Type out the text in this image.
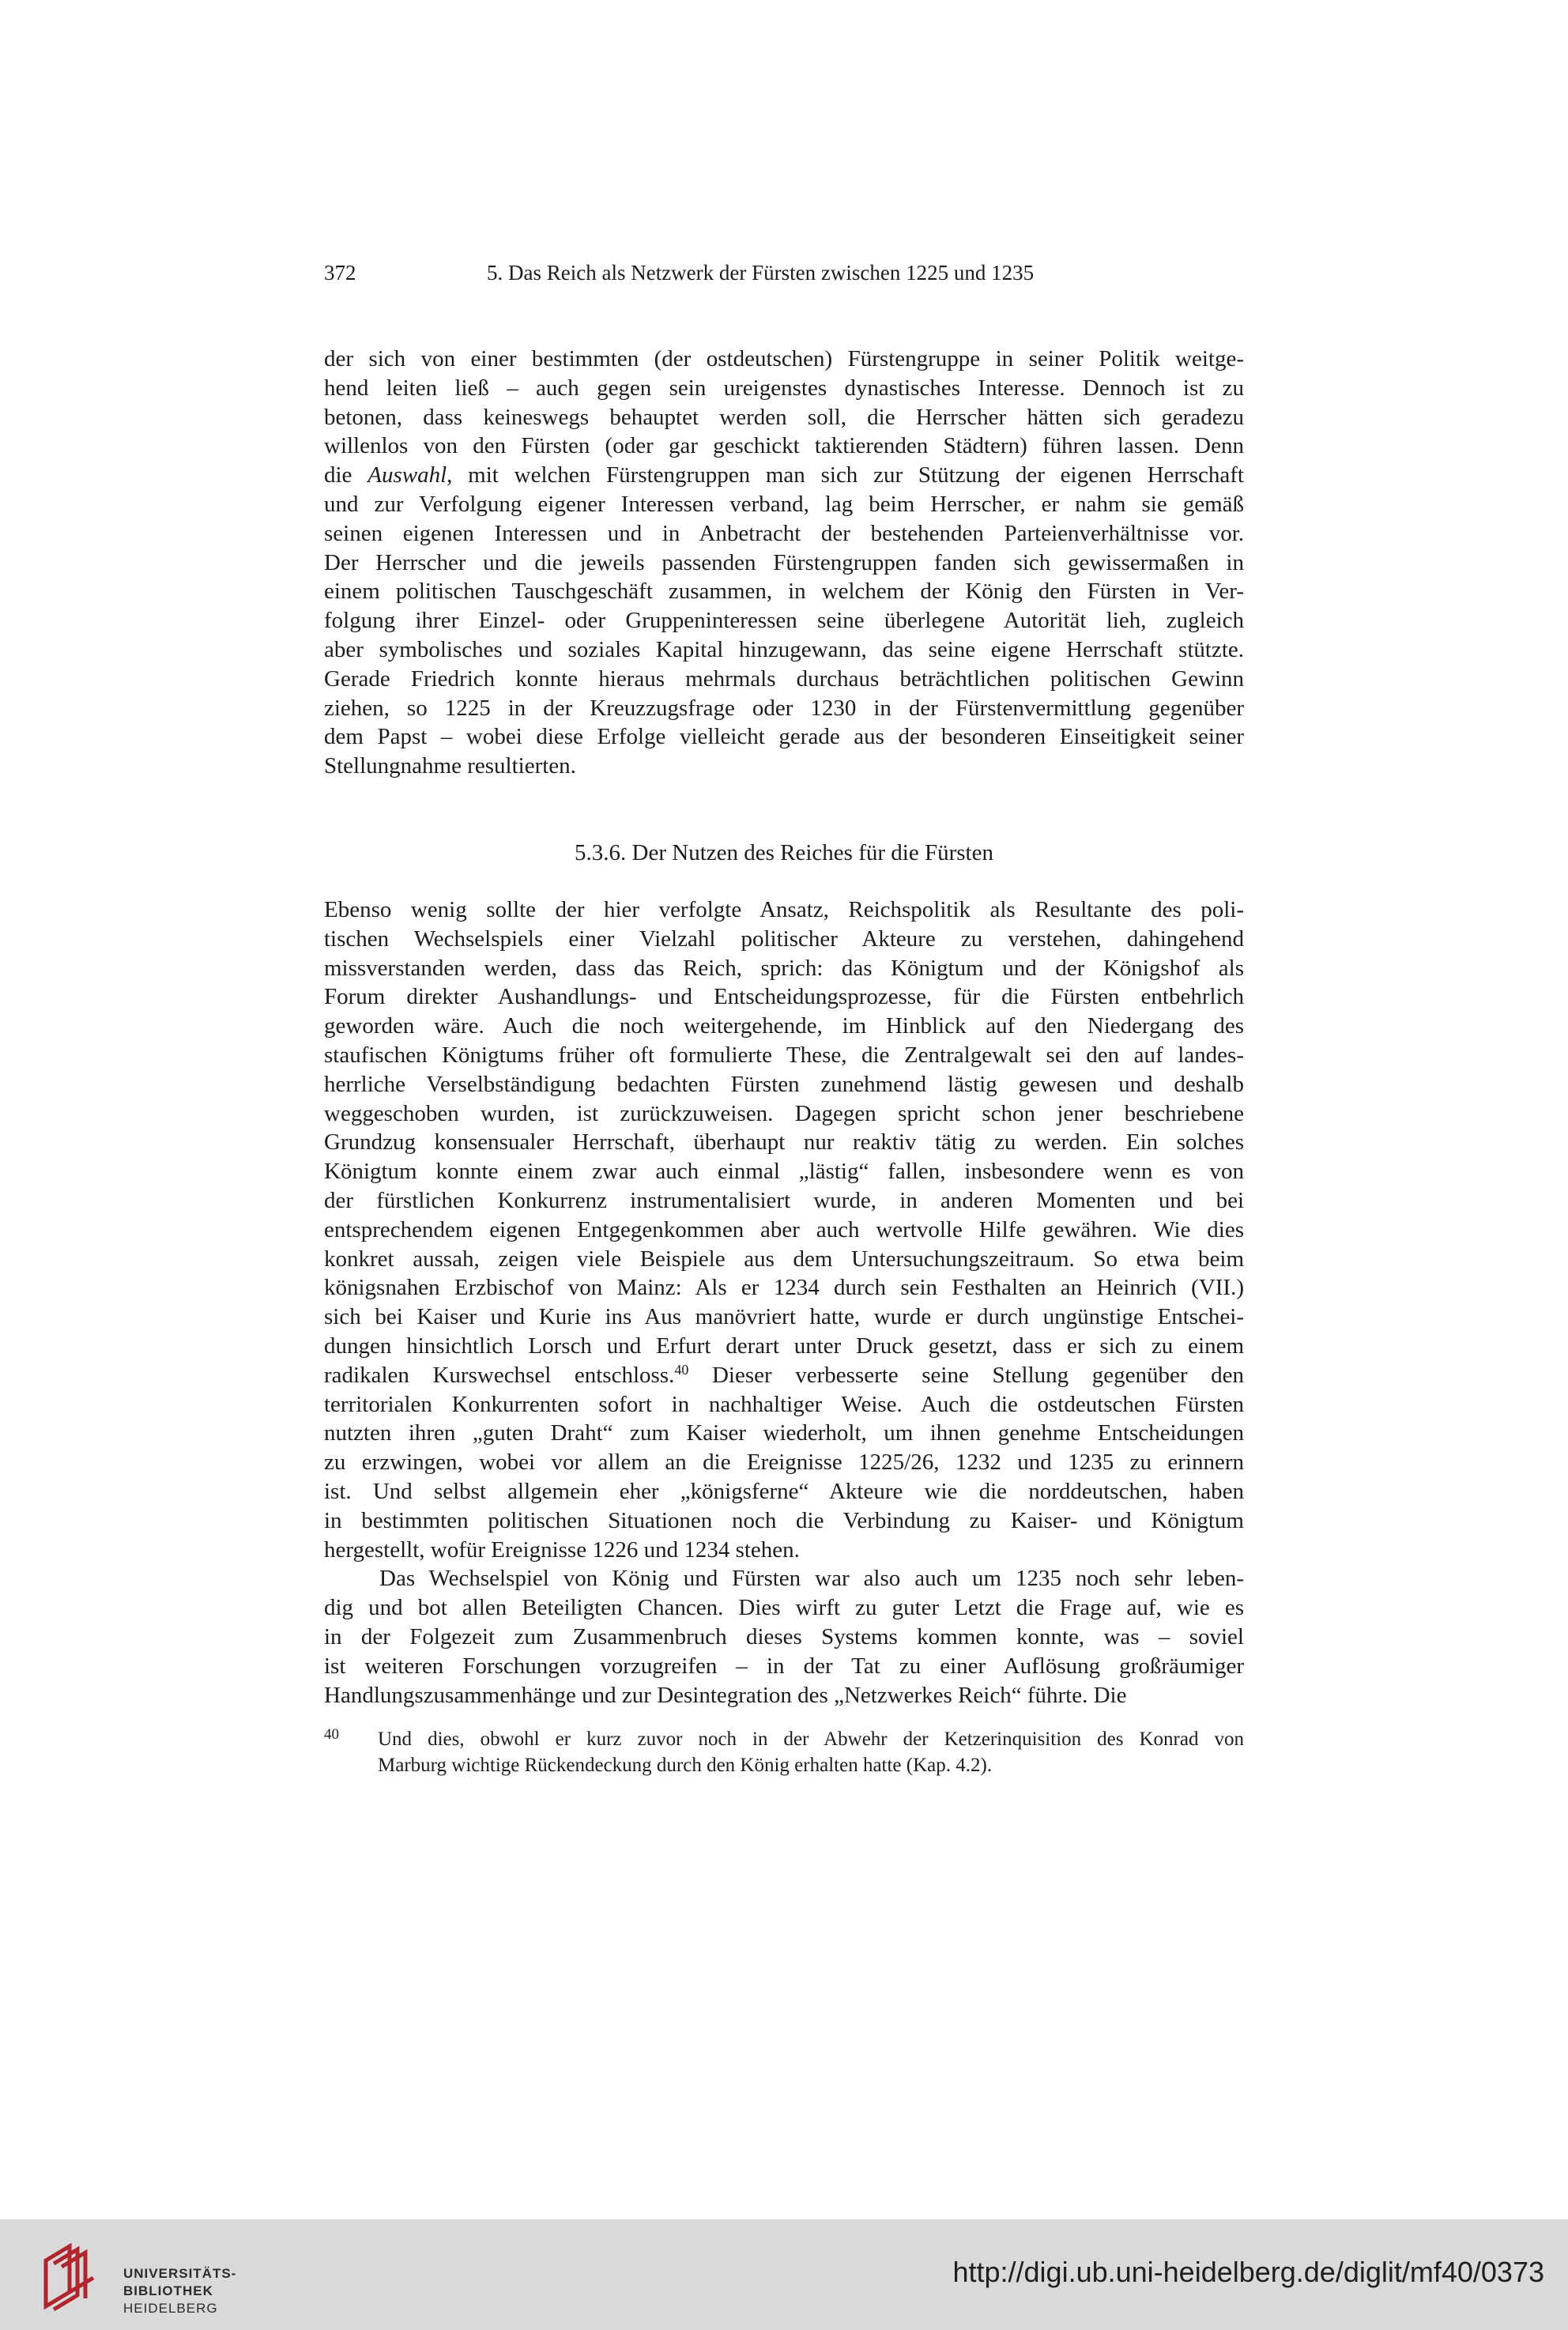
372	5. Das Reich als Netzwerk der Fürsten zwischen 1225 und 1235
der sich von einer bestimmten (der ostdeutschen) Fürstengruppe in seiner Politik weitge-
hend leiten ließ – auch gegen sein ureigenstes dynastisches Interesse. Dennoch ist zu
betonen, dass keineswegs behauptet werden soll, die Herrscher hätten sich geradezu
willenlos von den Fürsten (oder gar geschickt taktierenden Städtern) führen lassen. Denn
die Auswahl, mit welchen Fürstengruppen man sich zur Stützung der eigenen Herrschaft
und zur Verfolgung eigener Interessen verband, lag beim Herrscher, er nahm sie gemäß
seinen eigenen Interessen und in Anbetracht der bestehenden Parteienverhältnisse vor.
Der Herrscher und die jeweils passenden Fürstengruppen fanden sich gewissermaßen in
einem politischen Tauschgeschäft zusammen, in welchem der König den Fürsten in Ver-
folgung ihrer Einzel- oder Gruppeninteressen seine überlegene Autorität lieh, zugleich
aber symbolisches und soziales Kapital hinzugewann, das seine eigene Herrschaft stützte.
Gerade Friedrich konnte hieraus mehrmals durchaus beträchtlichen politischen Gewinn
ziehen, so 1225 in der Kreuzzugsfrage oder 1230 in der Fürstenvermittlung gegenüber
dem Papst – wobei diese Erfolge vielleicht gerade aus der besonderen Einseitigkeit seiner
Stellungnahme resultierten.
5.3.6. Der Nutzen des Reiches für die Fürsten
Ebenso wenig sollte der hier verfolgte Ansatz, Reichspolitik als Resultante des poli-
tischen Wechselspiels einer Vielzahl politischer Akteure zu verstehen, dahingehend
missverstanden werden, dass das Reich, sprich: das Königtum und der Königshof als
Forum direkter Aushandlungs- und Entscheidungsprozesse, für die Fürsten entbehrlich
geworden wäre. Auch die noch weitergehende, im Hinblick auf den Niedergang des
staufischen Königtums früher oft formulierte These, die Zentralgewalt sei den auf landes-
herrliche Verselbständigung bedachten Fürsten zunehmend lästig gewesen und deshalb
weggeschoben wurden, ist zurückzuweisen. Dagegen spricht schon jener beschriebene
Grundzug konsensualer Herrschaft, überhaupt nur reaktiv tätig zu werden. Ein solches
Königtum konnte einem zwar auch einmal „lästig“ fallen, insbesondere wenn es von
der fürstlichen Konkurrenz instrumentalisiert wurde, in anderen Momenten und bei
entsprechendem eigenen Entgegenkommen aber auch wertvolle Hilfe gewähren. Wie dies
konkret aussah, zeigen viele Beispiele aus dem Untersuchungszeitraum. So etwa beim
königsnahen Erzbischof von Mainz: Als er 1234 durch sein Festhalten an Heinrich (VII.)
sich bei Kaiser und Kurie ins Aus manövriert hatte, wurde er durch ungünstige Entschei-
dungen hinsichtlich Lorsch und Erfurt derart unter Druck gesetzt, dass er sich zu einem
radikalen Kurswechsel entschloss.$^{40}$ Dieser verbesserte seine Stellung gegenüber den
territorialen Konkurrenten sofort in nachhaltiger Weise. Auch die ostdeutschen Fürsten
nutzten ihren „guten Draht“ zum Kaiser wiederholt, um ihnen genehme Entscheidungen
zu erzwingen, wobei vor allem an die Ereignisse 1225/26, 1232 und 1235 zu erinnern
ist. Und selbst allgemein eher „königsferne“ Akteure wie die norddeutschen, haben
in bestimmten politischen Situationen noch die Verbindung zu Kaiser- und Königtum
hergestellt, wofür Ereignisse 1226 und 1234 stehen.
Das Wechselspiel von König und Fürsten war also auch um 1235 noch sehr leben-
dig und bot allen Beteiligten Chancen. Dies wirft zu guter Letzt die Frage auf, wie es
in der Folgezeit zum Zusammenbruch dieses Systems kommen konnte, was – soviel
ist weiteren Forschungen vorzugreifen – in der Tat zu einer Auflösung großräumiger
Handlungszusammenhänge und zur Desintegration des „Netzwerkes Reich“ führte. Die
40 Und dies, obwohl er kurz zuvor noch in der Abwehr der Ketzerinquisition des Konrad von
Marburg wichtige Rückendeckung durch den König erhalten hatte (Kap. 4.2).
UNIVERSITÄTS-
BIBLIOTHEK
HEIDELBERG
http://digi.ub.uni-heidelberg.de/diglit/mf40/0373
